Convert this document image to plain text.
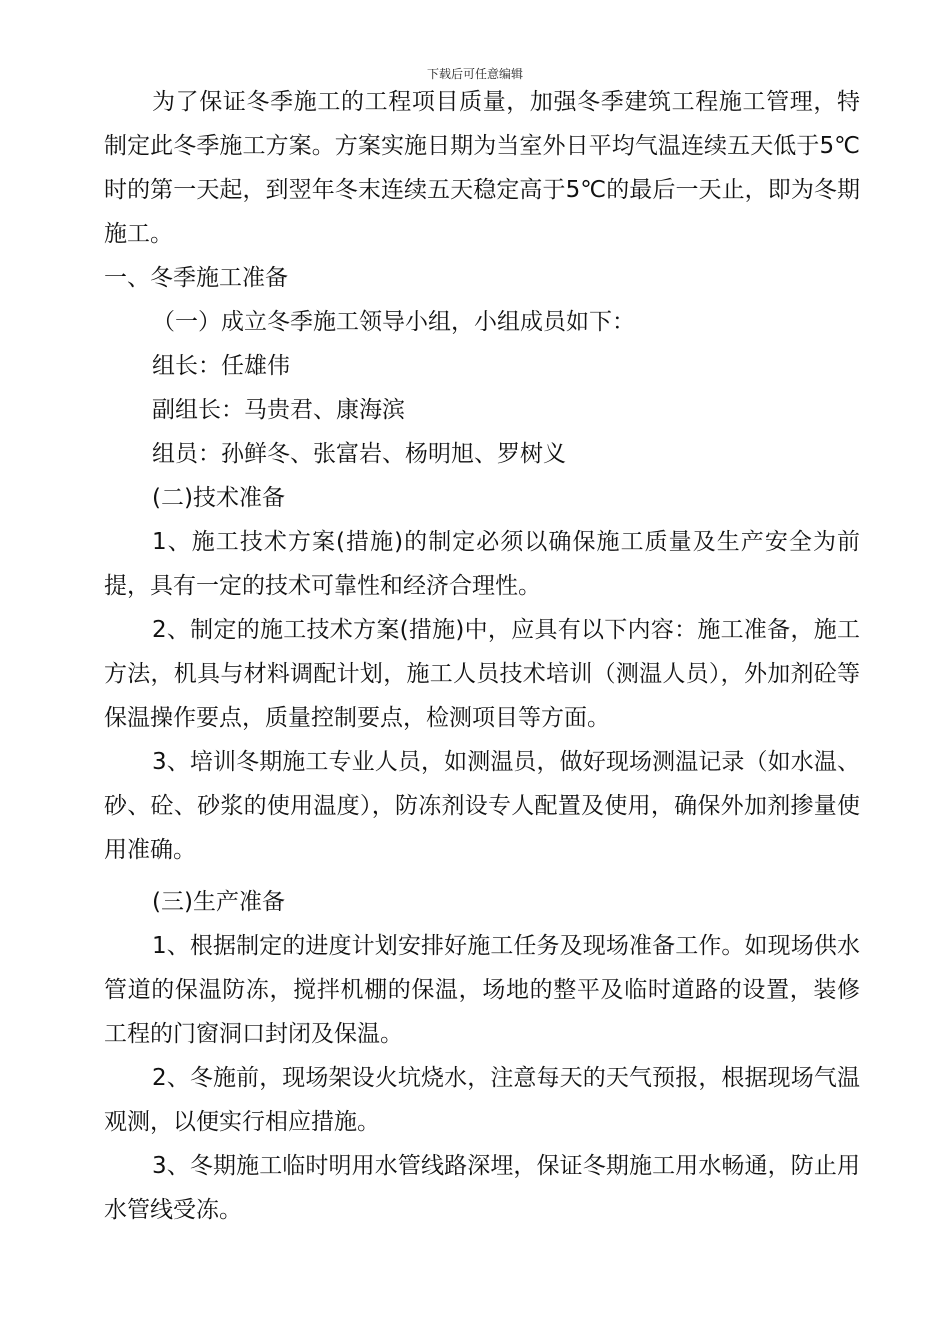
下载后可任意编辑

为了保证冬季施工的工程项目质量，加强冬季建筑工程施工管理，特制定此冬季施工方案。方案实施日期为当室外日平均气温连续五天低于5℃时的第一天起，到翌年冬末连续五天稳定高于5℃的最后一天止，即为冬期施工。

一、冬季施工准备

（一）成立冬季施工领导小组，小组成员如下：

组长：任雄伟

副组长：马贵君、康海滨

组员：孙鲜冬、张富岩、杨明旭、罗树义

(二)技术准备

1、施工技术方案(措施)的制定必须以确保施工质量及生产安全为前提，具有一定的技术可靠性和经济合理性。

2、制定的施工技术方案(措施)中，应具有以下内容：施工准备，施工方法，机具与材料调配计划，施工人员技术培训（测温人员），外加剂砼等保温操作要点，质量控制要点，检测项目等方面。

3、培训冬期施工专业人员，如测温员，做好现场测温记录（如水温、砂、砼、砂浆的使用温度），防冻剂设专人配置及使用，确保外加剂掺量使用准确。

(三)生产准备

1、根据制定的进度计划安排好施工任务及现场准备工作。如现场供水管道的保温防冻，搅拌机棚的保温，场地的整平及临时道路的设置，装修工程的门窗洞口封闭及保温。

2、冬施前，现场架设火坑烧水，注意每天的天气预报，根据现场气温观测，以便实行相应措施。

3、冬期施工临时明用水管线路深埋，保证冬期施工用水畅通，防止用水管线受冻。
